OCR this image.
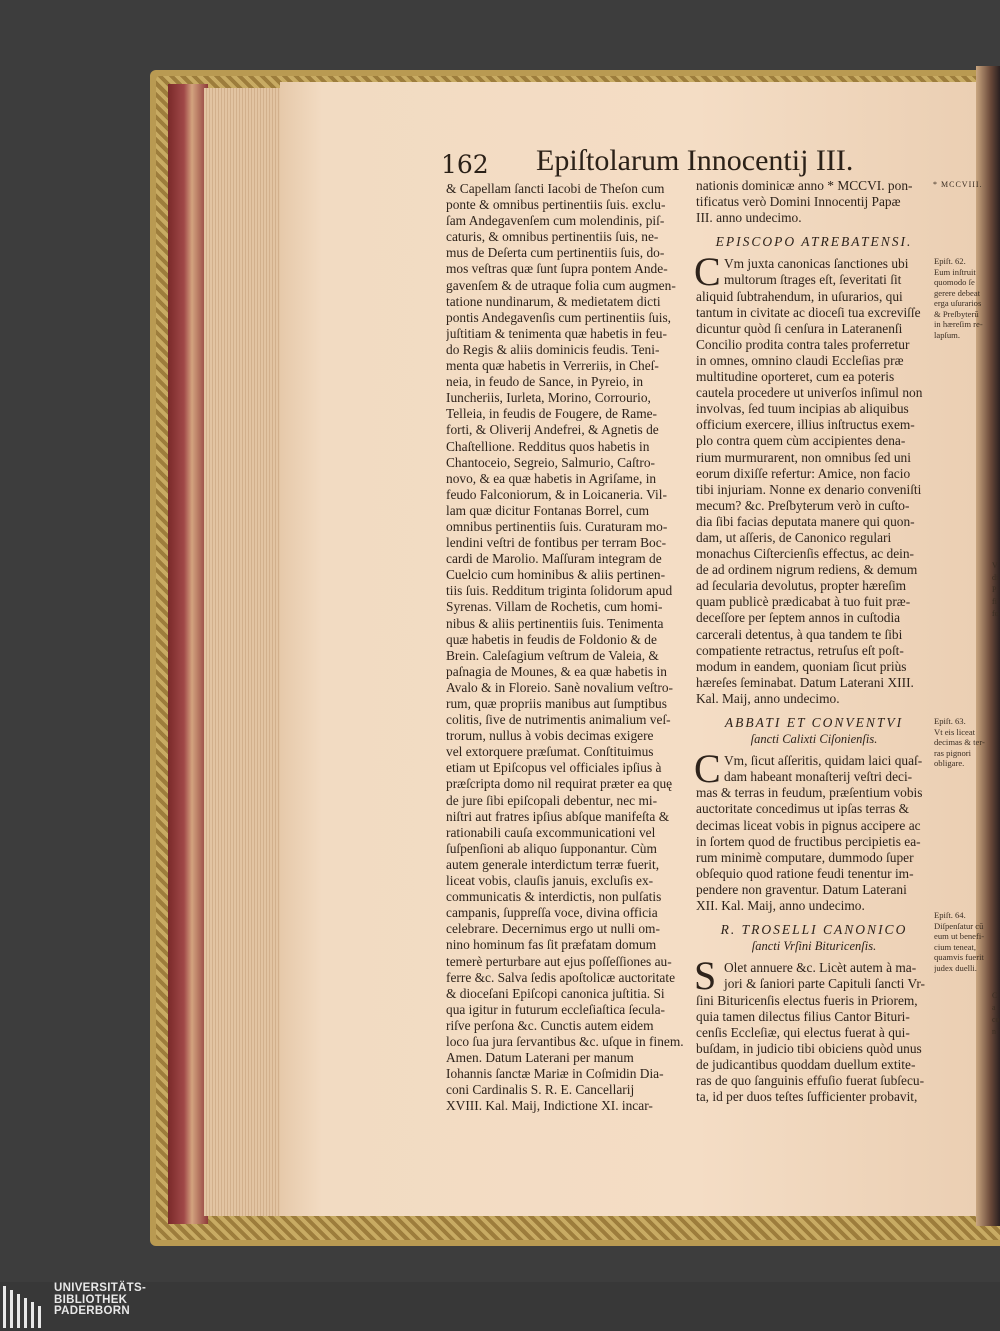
162 Epiſtolarum Innocentij III.
& Capellam ſancti Iacobi de Theſon cum
ponte & omnibus pertinentiis ſuis. exclu-
ſam Andegavenſem cum molendinis, piſ-
caturis, & omnibus pertinentiis ſuis, ne-
mus de Deſerta cum pertinentiis ſuis, do-
mos veſtras quæ ſunt ſupra pontem Ande-
gavenſem & de utraque folia cum augmen-
tatione nundinarum, & medietatem dicti
pontis Andegavenſis cum pertinentiis ſuis,
juſtitiam & tenimenta quæ habetis in feu-
do Regis & aliis dominicis feudis. Teni-
menta quæ habetis in Verreriis, in Cheſ-
neia, in feudo de Sance, in Pyreio, in
Iuncheriis, Iurleta, Morino, Corrourio,
Telleia, in feudis de Fougere, de Rame-
forti, & Oliverij Andefrei, & Agnetis de
Chaſtellione. Redditus quos habetis in
Chantoceio, Segreio, Salmurio, Caſtro-
novo, & ea quæ habetis in Agriſame, in
feudo Falconiorum, & in Loicaneria. Vil-
lam quæ dicitur Fontanas Borrel, cum
omnibus pertinentiis ſuis. Curaturam mo-
lendini veſtri de fontibus per terram Boc-
cardi de Marolio. Maſſuram integram de
Cuelcio cum hominibus & aliis pertinen-
tiis ſuis. Redditum triginta ſolidorum apud
Syrenas. Villam de Rochetis, cum homi-
nibus & aliis pertinentiis ſuis. Tenimenta
quæ habetis in feudis de Foldonio & de
Brein. Caleſagium veſtrum de Valeia, &
paſnagia de Mounes, & ea quæ habetis in
Avalo & in Floreio. Sanè novalium veſtro-
rum, quæ propriis manibus aut ſumptibus
colitis, ſive de nutrimentis animalium veſ-
trorum, nullus à vobis decimas exigere
vel extorquere præſumat. Conſtituimus
etiam ut Epiſcopus vel officiales ipſius à
præſcripta domo nil requirat præter ea quę
de jure ſibi epiſcopali debentur, nec mi-
niſtri aut fratres ipſius abſque manifeſta &
rationabili cauſa excommunicationi vel
ſuſpenſioni ab aliquo ſupponantur. Cùm
autem generale interdictum terræ fuerit,
liceat vobis, clauſis januis, excluſis ex-
communicatis & interdictis, non pulſatis
campanis, ſuppreſſa voce, divina officia
celebrare. Decernimus ergo ut nulli om-
nino hominum fas ſit præfatam domum
temerè perturbare aut ejus poſſeſſiones au-
ferre &c. Salva ſedis apoſtolicæ auctoritate
& dioceſani Epiſcopi canonica juſtitia. Si
qua igitur in futurum eccleſiaſtica ſecula-
riſve perſona &c. Cunctis autem eidem
loco ſua jura ſervantibus &c. uſque in finem.
Amen. Datum Laterani per manum
Iohannis ſanctæ Mariæ in Coſmidin Dia-
coni Cardinalis S. R. E. Cancellarij
XVIII. Kal. Maij, Indictione XI. incar-
nationis dominicæ anno * MCCVI. pon-
tificatus verò Domini Innocentij Papæ
III. anno undecimo.
EPISCOPO ATREBATENSI.
C Vm juxta canonicas ſanctiones ubi
multorum ſtrages eſt, ſeveritati ſit
aliquid ſubtrahendum, in uſurarios, qui
tantum in civitate ac dioceſi tua excreviſſe
dicuntur quòd ſi cenſura in Lateranenſi
Concilio prodita contra tales proferretur
in omnes, omnino claudi Eccleſias præ
multitudine oporteret, cum ea poteris
cautela procedere ut univerſos inſimul non
involvas, ſed tuum incipias ab aliquibus
officium exercere, illius inſtructus exem-
plo contra quem cùm accipientes dena-
rium murmurarent, non omnibus ſed uni
eorum dixiſſe refertur: Amice, non facio
tibi injuriam. Nonne ex denario conveniſti
mecum? &c. Preſbyterum verò in cuſto-
dia ſibi facias deputata manere qui quon-
dam, ut aſſeris, de Canonico regulari
monachus Ciſtercienſis effectus, ac dein-
de ad ordinem nigrum rediens, & demum
ad ſecularia devolutus, propter hæreſim
quam publicè prædicabat à tuo fuit præ-
deceſſore per ſeptem annos in cuſtodia
carcerali detentus, à qua tandem te ſibi
compatiente retractus, retruſus eſt poſt-
modum in eandem, quoniam ſicut priùs
hæreſes ſeminabat. Datum Laterani XIII.
Kal. Maij, anno undecimo.
ABBATI ET CONVENTVI
ſancti Calixti Ciſonienſis.
C Vm, ſicut aſſeritis, quidam laici quaſ-
dam habeant monaſterij veſtri deci-
mas & terras in feudum, præſentium vobis
auctoritate concedimus ut ipſas terras &
decimas liceat vobis in pignus accipere ac
in ſortem quod de fructibus percipietis ea-
rum minimè computare, dummodo ſuper
obſequio quod ratione feudi tenentur im-
pendere non graventur. Datum Laterani
XII. Kal. Maij, anno undecimo.
R. TROSELLI CANONICO
ſancti Vrſini Bituricenſis.
S Olet annuere &c. Licèt autem à ma-
jori & ſaniori parte Capituli ſancti Vr-
ſini Bituricenſis electus fueris in Priorem,
quia tamen dilectus filius Cantor Bituri-
cenſis Eccleſiæ, qui electus fuerat à qui-
buſdam, in judicio tibi obiciens quòd unus
de judicantibus quoddam duellum extite-
ras de quo ſanguinis effuſio fuerat ſubſecu-
ta, id per duos teſtes ſufficienter probavit,
* MCCVIII.
Epiſt. 62.
Eum inſtruit
quomodo ſe
gerere debeat
erga uſurarios
& Preſbyterū
in hæreſim re-
lapſum.
Epiſt. 63.
Vt eis liceat
decimas & ter-
ras pignori
obligare.
Epiſt. 64.
Diſpenſatur cū
eum ut benefi-
cium teneat,
quamvis fuerit
judex duelli.
V
di
P
fi
fo
C
a
co
n
UNIVERSITÄTS-
BIBLIOTHEK
PADERBORN
